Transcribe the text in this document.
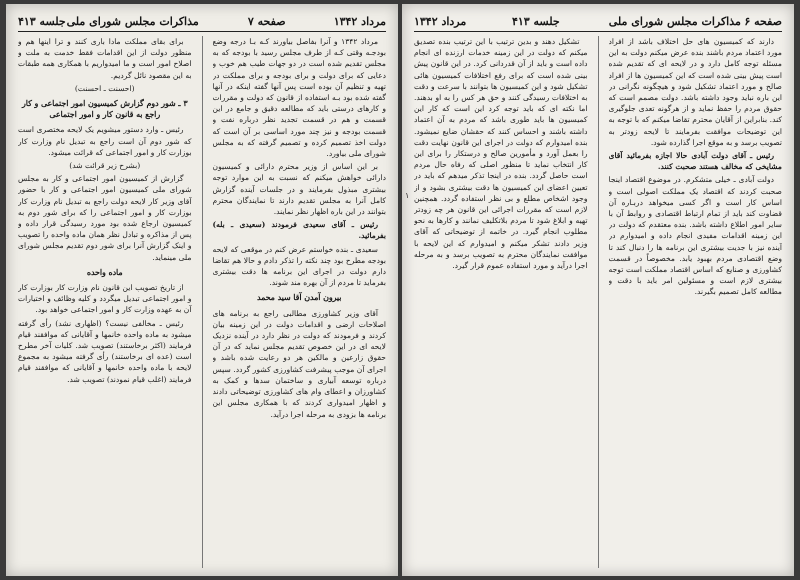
مرداد ۱۳۴۲
صفحه ۷
مذاکرات مجلس شورای ملی
جلسه ۴۱۳

مرداد ۱۳۴۲ و آنرا بفاصل بیاورند کـه بـا درجه وضع بودجـه وقتی کـه از طرف مجلس رسید با بودجه که به مجلس تقدیم شده است در دو جهات طیب هم خوب و دعایی که برای دولت و برای بودجه و برای مملکت در تهیه و تنظیم آن بوده است پس آنها گفته اینکه در آنها گفته شده بود بـه استفاده از قانون که دولت و مقررات و کارهای درستی باید که مطالعه دقیق و جامع در این قسمت و هم در قسمت تجدید نظر درباره نفت و قسمت بودجه و نیز چند مورد اساسی بر آن است که دولت اخذ تصمیم کرده و تصمیم گرفته که به مجلس شورای ملی بیاورد.

بر این اساس از وزیر محترم دارائی و کمیسیون دارائی خواهش میکنم که نسبت به این موارد توجه بیشتری مبذول بفرمایند و در جلسات آینده گزارش کامل آنرا به مجلس تقدیم دارند تا نمایندگان محترم بتوانند در این باره اظهار نظر نمایند.

رئیس ـ آقای سعیدی فرمودند (سعیدی ـ بله) بفرمائید.

سعیدی ـ بنده خواستم عرض کنم در موقعی که لایحه بودجه مطرح بود چند نکته را تذکر دادم و حالا هم تقاضا دارم دولت در اجرای این برنامه ها دقت بیشتری بفرماید تا مردم از آن بهره مند شوند.

بیرون آمدن آقا سید محمد

آقای وزیر کشاورزی مطالبی راجع به برنامه های اصلاحات ارضی و اقدامات دولت در این زمینه بیان کردند و فرمودند که دولت در نظر دارد در آینده نزدیک لایحه ای در این خصوص تقدیم مجلس نماید که در آن حقوق زارعین و مالکین هر دو رعایت شده باشد و اجرای آن موجب پیشرفت کشاورزی کشور گردد. سپس درباره توسعه آبیاری و ساختمان سدها و کمک به کشاورزان و اعطای وام های کشاورزی توضیحاتی دادند و اظهار امیدواری کردند که با همکاری مجلس این برنامه ها بزودی به مرحله اجرا درآید.

برای بقای مملکت مادا باری کنند و ترا اینها هم و منظور دولت از این اقدامات فقط خدمت به ملت و اصلاح امور است و ما امیدواریم با همکاری همه طبقات به این مقصود نائل گردیم.

(احسنت ـ احسنت)

۳ ـ شور دوم گزارش کمیسیون امور اجتماعی و کار راجع به قانون کار و امور اجتماعی

رئیس ـ وارد دستور میشویم یک لایحه مختصری است که شور دوم آن است راجع به تبدیل نام وزارت کار بوزارت کار و امور اجتماعی که قرائت میشود.

(بشرح زیر قرائت شد)

گزارش از کمیسیون امور اجتماعی و کار به مجلس شورای ملی کمیسیون امور اجتماعی و کار با حضور آقای وزیر کار لایحه دولت راجع به تبدیل نام وزارت کار بوزارت کار و امور اجتماعی را که برای شور دوم به کمیسیون ارجاع شده بود مورد رسیدگی قرار داده و پس از مذاکره و تبادل نظر همان ماده واحده را تصویب و اینک گزارش آنرا برای شور دوم تقدیم مجلس شورای ملی مینماید.

ماده واحده

از تاریخ تصویب این قانون نام وزارت کار بوزارت کار و امور اجتماعی تبدیل میگردد و کلیه وظائف و اختیارات آن به عهده وزارت کار و امور اجتماعی خواهد بود.

رئیس ـ مخالفی نیست؟ (اظهاری نشد) رأی گرفته میشود به ماده واحده خانمها و آقایانی که موافقند قیام فرمایند (اکثر برخاستند) تصویب شد. کلیات آخر مطرح است (عده ای برخاستند) رأی گرفته میشود به مجموع لایحه با ماده واحده خانمها و آقایانی که موافقند قیام فرمایند (اغلب قیام نمودند) تصویب شد.

صفحه ۶
مذاکرات مجلس شورای ملی
جلسه ۴۱۳
مرداد ۱۳۴۲

دارند که کمیسیون های حل اختلاف باشد از افراد مورد اعتماد مردم باشند بنده عرض میکنم دولت به این مسئله توجه کامل دارد و در لایحه ای که تقدیم شده است پیش بینی شده است که این کمیسیون ها از افراد صالح و مورد اعتماد تشکیل شود و هیچگونه نگرانی در این باره نباید وجود داشته باشد. دولت مصمم است که حقوق مردم را حفظ نماید و از هرگونه تعدی جلوگیری کند. بنابراین از آقایان محترم تقاضا میکنم که با توجه به این توضیحات موافقت بفرمایند تا لایحه زودتر به تصویب برسد و به موقع اجرا گذارده شود.

رئیس ـ آقای دولت آبادی حالا اجازه بفرمائید آقای مشایخی که مخالف هستند صحبت کنند.

دولت آبادی ـ خیلی متشکرم. در موضوع اقتصاد اینجا صحبت کردند که اقتصاد یک مملکت اصولی است و اساس کار است و اگر کسی میخواهد دربـاره آن قضاوت کند باید از تمام ارتباط اقتصادی و روابط آن با سایر امور اطلاع داشته باشد. بنده معتقدم که دولت در این زمینه اقدامات مفیدی انجام داده و امیدوارم در آینده نیز با جدیت بیشتری این برنامه ها را دنبال کند تا وضع اقتصادی مردم بهبود یابد. مخصوصاً در قسمت کشاورزی و صنایع که اساس اقتصاد مملکت است توجه بیشتری لازم است و مسئولین امر باید با دقت و مطالعه کامل تصمیم بگیرند.

تشکیل دهند و بدین ترتیب با این ترتیب بنده تصدیق میکنم که دولت در این زمینه خدمات ارزنده ای انجام داده است و باید از آن قدردانی کرد. در این قانون پیش بینی شده است که برای رفع اختلافات کمیسیون هائی تشکیل شود و این کمیسیون ها بتوانند با سرعت و دقت به اختلافات رسیدگی کنند و حق هر کس را به او بدهند. اما نکته ای که باید توجه کرد این است که کار این کمیسیون ها باید طوری باشد که مردم به آن اعتماد داشته باشند و احساس کنند که حقشان ضایع نمیشود. بنده امیدوارم که دولت در اجرای این قانون نهایت دقت را بعمل آورد و مأمورین صالح و درستکار را برای این کار انتخاب نماید تا منظور اصلی که رفاه حال مردم است حاصل گردد. بنده در اینجا تذکر میدهم که باید در تعیین اعضای این کمیسیون ها دقت بیشتری بشود و از وجود اشخاص مطلع و بی نظر استفاده گردد. همچنین لازم است که مقررات اجرائی این قانون هر چه زودتر تهیه و ابلاغ شود تا مردم بلاتکلیف نمانند و کارها به نحو مطلوب انجام گیرد. در خاتمه از توضیحاتی که آقای وزیر دادند تشکر میکنم و امیدوارم که این لایحه با موافقت نمایندگان محترم به تصویب برسد و به مرحله اجرا درآید و مورد استفاده عموم قرار گیرد.

۱
